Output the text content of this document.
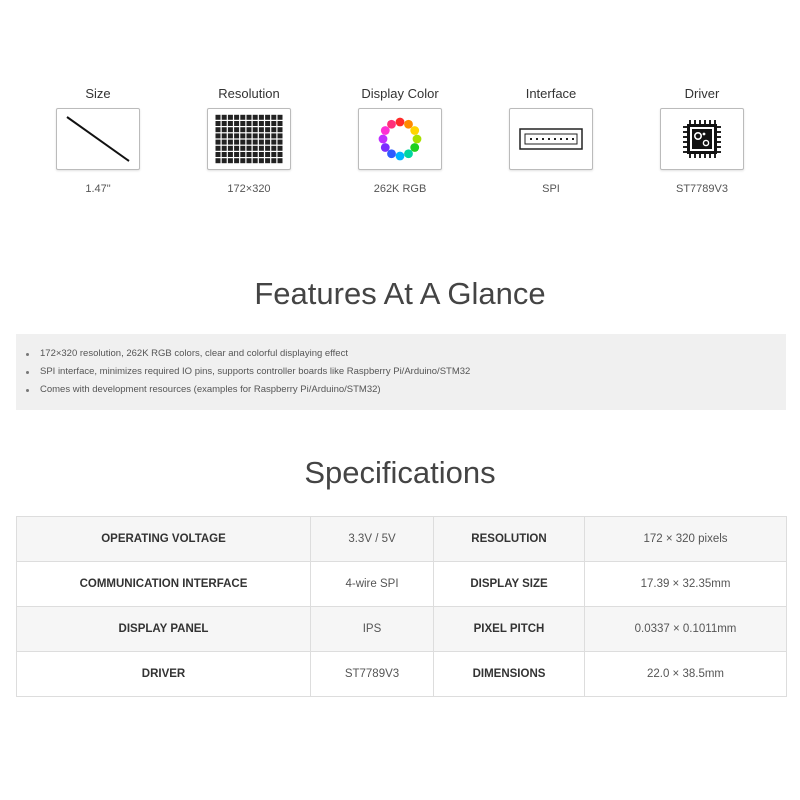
Size
1.47"
Resolution
172×320
Display Color
262K RGB
Interface
SPI
Driver
ST7789V3
Features At A Glance
172×320 resolution, 262K RGB colors, clear and colorful displaying effect
SPI interface, minimizes required IO pins, supports controller boards like Raspberry Pi/Arduino/STM32
Comes with development resources (examples for Raspberry Pi/Arduino/STM32)
Specifications
OPERATING VOLTAGE	3.3V / 5V	RESOLUTION	172 × 320 pixels
COMMUNICATION INTERFACE	4-wire SPI	DISPLAY SIZE	17.39 × 32.35mm
DISPLAY PANEL	IPS	PIXEL PITCH	0.0337 × 0.1011mm
DRIVER	ST7789V3	DIMENSIONS	22.0 × 38.5mm
